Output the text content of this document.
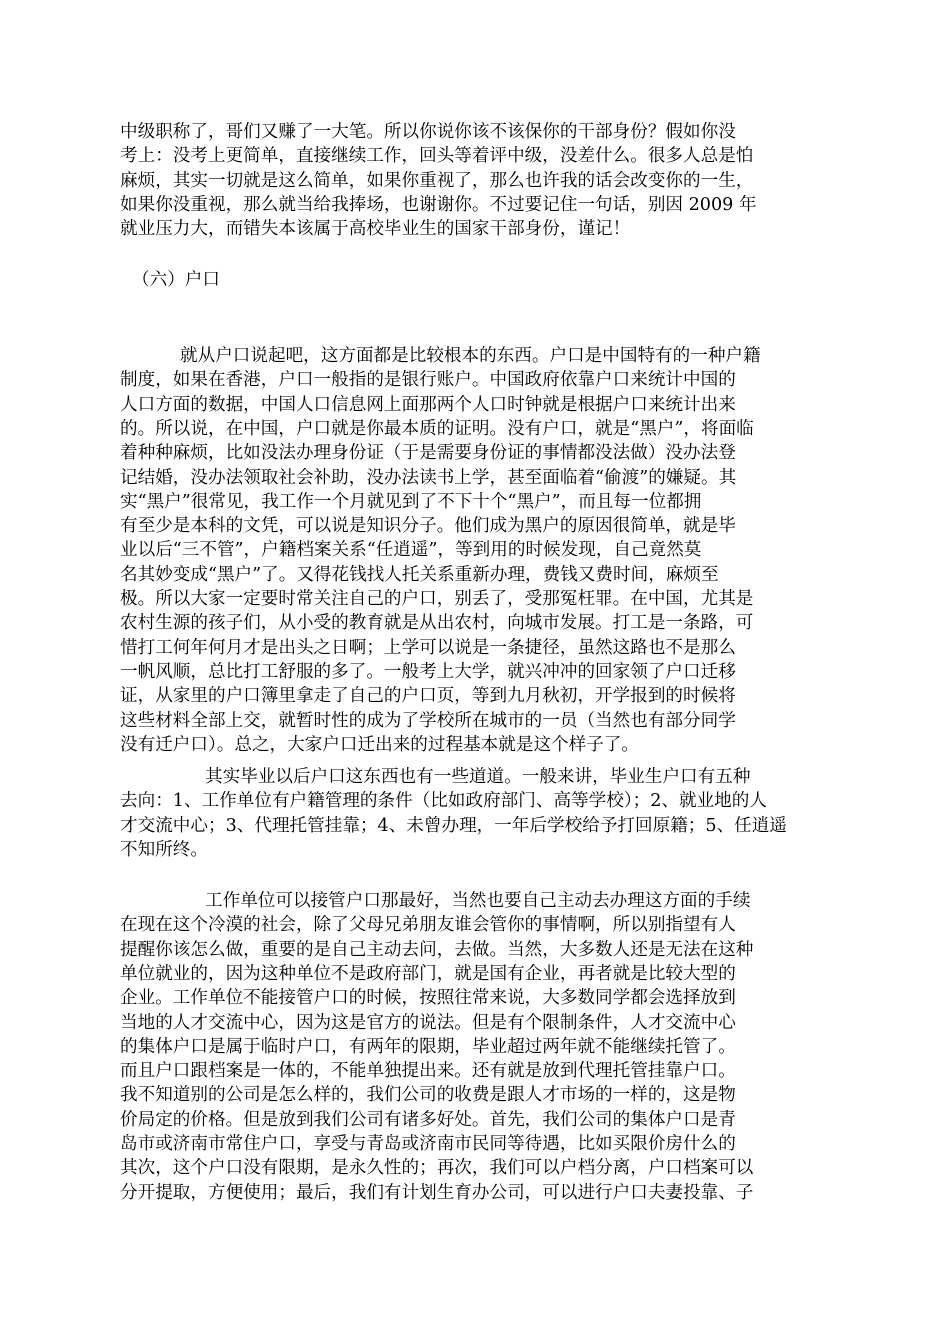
中级职称了，哥们又赚了一大笔。所以你说你该不该保你的干部身份？假如你没
考上：没考上更简单，直接继续工作，回头等着评中级，没差什么。很多人总是怕
麻烦，其实一切就是这么简单，如果你重视了，那么也许我的话会改变你的一生，
如果你没重视，那么就当给我捧场，也谢谢你。不过要记住一句话，别因 2009 年
就业压力大，而错失本该属于高校毕业生的国家干部身份，谨记！
（六）户口
就从户口说起吧，这方面都是比较根本的东西。户口是中国特有的一种户籍
制度，如果在香港，户口一般指的是银行账户。中国政府依靠户口来统计中国的
人口方面的数据，中国人口信息网上面那两个人口时钟就是根据户口来统计出来
的。所以说，在中国，户口就是你最本质的证明。没有户口，就是“黑户”，将面临
着种种麻烦，比如没法办理身份证（于是需要身份证的事情都没法做）没办法登
记结婚，没办法领取社会补助，没办法读书上学，甚至面临着“偷渡”的嫌疑。其
实“黑户”很常见，我工作一个月就见到了不下十个“黑户”，而且每一位都拥
有至少是本科的文凭，可以说是知识分子。他们成为黑户的原因很简单，就是毕
业以后“三不管”，户籍档案关系“任逍遥”，等到用的时候发现，自己竟然莫
名其妙变成“黑户”了。又得花钱找人托关系重新办理，费钱又费时间，麻烦至
极。所以大家一定要时常关注自己的户口，别丢了，受那冤枉罪。在中国，尤其是
农村生源的孩子们，从小受的教育就是从出农村，向城市发展。打工是一条路，可
惜打工何年何月才是出头之日啊；上学可以说是一条捷径，虽然这路也不是那么
一帆风顺，总比打工舒服的多了。一般考上大学，就兴冲冲的回家领了户口迁移
证，从家里的户口簿里拿走了自己的户口页，等到九月秋初，开学报到的时候将
这些材料全部上交，就暂时性的成为了学校所在城市的一员（当然也有部分同学
没有迁户口）。总之，大家户口迁出来的过程基本就是这个样子了。
其实毕业以后户口这东西也有一些道道。一般来讲，毕业生户口有五种
去向：1、工作单位有户籍管理的条件（比如政府部门、高等学校）；2、就业地的人
才交流中心；3、代理托管挂靠；4、未曾办理，一年后学校给予打回原籍；5、任逍遥
不知所终。
工作单位可以接管户口那最好，当然也要自己主动去办理这方面的手续
在现在这个冷漠的社会，除了父母兄弟朋友谁会管你的事情啊，所以别指望有人
提醒你该怎么做，重要的是自己主动去问，去做。当然，大多数人还是无法在这种
单位就业的，因为这种单位不是政府部门，就是国有企业，再者就是比较大型的
企业。工作单位不能接管户口的时候，按照往常来说，大多数同学都会选择放到
当地的人才交流中心，因为这是官方的说法。但是有个限制条件，人才交流中心
的集体户口是属于临时户口，有两年的限期，毕业超过两年就不能继续托管了。
而且户口跟档案是一体的，不能单独提出来。还有就是放到代理托管挂靠户口。
我不知道别的公司是怎么样的，我们公司的收费是跟人才市场的一样的，这是物
价局定的价格。但是放到我们公司有诸多好处。首先，我们公司的集体户口是青
岛市或济南市常住户口，享受与青岛或济南市民同等待遇，比如买限价房什么的
其次，这个户口没有限期，是永久性的；再次，我们可以户档分离，户口档案可以
分开提取，方便使用；最后，我们有计划生育办公司，可以进行户口夫妻投靠、子
